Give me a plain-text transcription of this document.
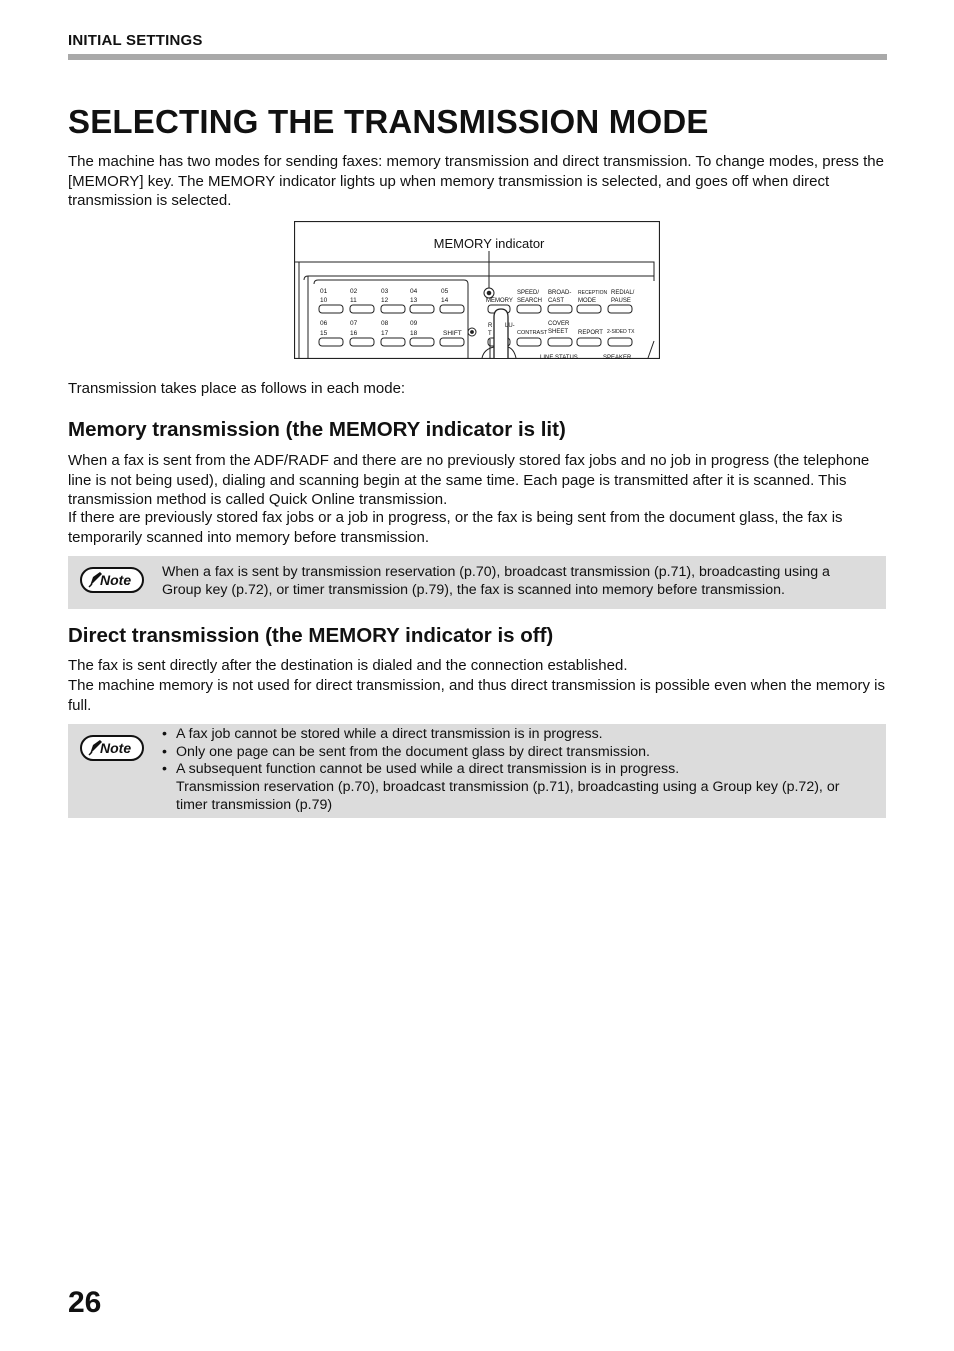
INITIAL SETTINGS
SELECTING THE TRANSMISSION MODE

The machine has two modes for sending faxes: memory transmission and direct transmission. To change modes, press the [MEMORY] key. The MEMORY indicator lights up when memory transmission is selected, and goes off when direct transmission is selected.

MEMORY indicator
01	02	03	04	05
10	11	12	13	14
06	07	08	09
15	16	17	18	SHIFT
MEMORY
SPEED/
SEARCH
BROAD-
CAST
RECEPTION
MODE
REDIAL/
PAUSE
R
T
LU-
CONTRAST
COVER
SHEET REPORT 2-SIDED TX
LINE STATUS	SPEAKER

Transmission takes place as follows in each mode:

Memory transmission (the MEMORY indicator is lit)

When a fax is sent from the ADF/RADF and there are no previously stored fax jobs and no job in progress (the telephone line is not being used), dialing and scanning begin at the same time. Each page is transmitted after it is scanned. This transmission method is called Quick Online transmission.

If there are previously stored fax jobs or a job in progress, or the fax is being sent from the document glass, the fax is temporarily scanned into memory before transmission.

Note When a fax is sent by transmission reservation (p.70), broadcast transmission (p.71), broadcasting using a Group key (p.72), or timer transmission (p.79), the fax is scanned into memory before transmission.

Direct transmission (the MEMORY indicator is off)

The fax is sent directly after the destination is dialed and the connection established.

The machine memory is not used for direct transmission, and thus direct transmission is possible even when the memory is full.

Note
• A fax job cannot be stored while a direct transmission is in progress.
• Only one page can be sent from the document glass by direct transmission.
• A subsequent function cannot be used while a direct transmission is in progress.
Transmission reservation (p.70), broadcast transmission (p.71), broadcasting using a Group key (p.72), or timer transmission (p.79)
26
